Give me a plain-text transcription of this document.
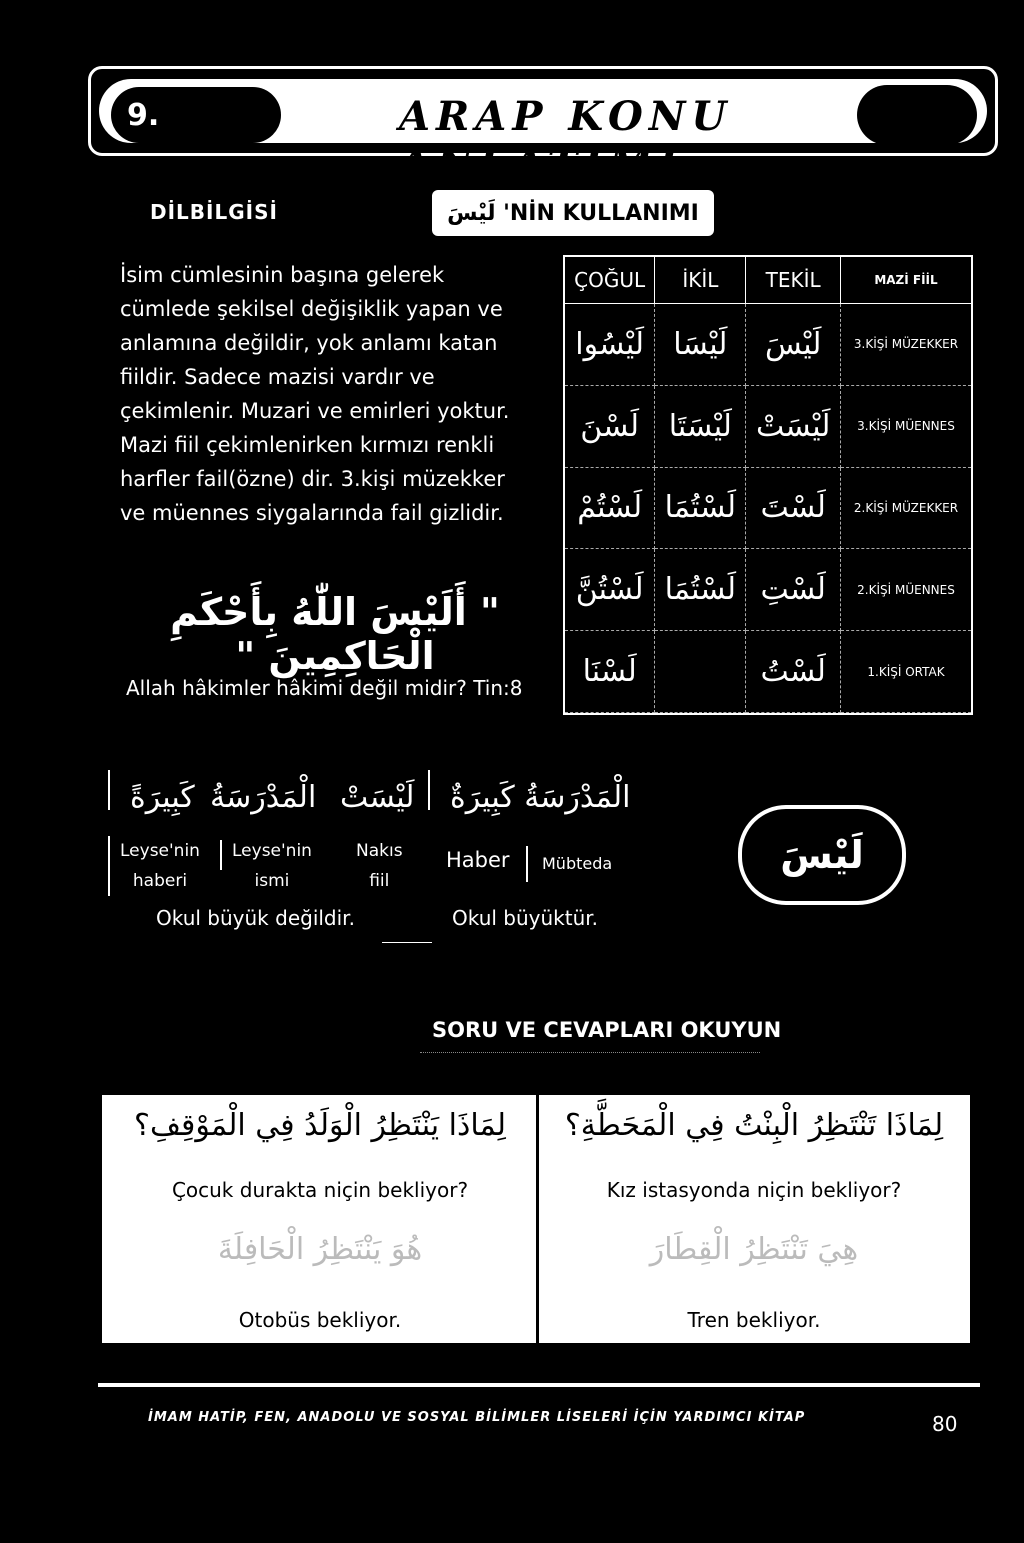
9.	ARAP KONU ANLATIMI
DİLBİLGİSİ	لَيْسَ 'NİN KULLANIMI
İsim cümlesinin başına gelerek
cümlede şekilsel değişiklik yapan ve
anlamına değildir, yok anlamı katan
fiildir. Sadece mazisi vardır ve
çekimlenir. Muzari ve emirleri yoktur.
Mazi fiil çekimlenirken kırmızı renkli
harfler fail(özne) dir. 3.kişi müzekker
ve müennes siygalarında fail gizlidir.
" أَلَيْسَ اللّٰهُ بِأَحْكَمِ الْحَاكِمِينَ "
Allah hâkimler hâkimi değil midir? Tin:8
ÇOĞUL	İKİL	TEKİL	MAZİ FİİL
لَيْسُوا	لَيْسَا	لَيْسَ	3.KİŞİ MÜZEKKER
لَسْنَ	لَيْسَتَا	لَيْسَتْ	3.KİŞİ MÜENNES
لَسْتُمْ	لَسْتُمَا	لَسْتَ	2.KİŞİ MÜZEKKER
لَسْتُنَّ	لَسْتُمَا	لَسْتِ	2.KİŞİ MÜENNES
لَسْنَا		لَسْتُ	1.KİŞİ ORTAK
كَبِيرَةً الْمَدْرَسَةُ لَيْسَتْ الْمَدْرَسَةُ كَبِيرَةٌ
Leyse'nin
haberi
Leyse'nin
ismi
Nakıs
fiil
Haber Mübteda
Okul büyük değildir.	Okul büyüktür.
لَيْسَ
SORU VE CEVAPLARI OKUYUN
لِمَاذَا يَنْتَظِرُ الْوَلَدُ فِي الْمَوْقِفِ؟
Çocuk durakta niçin bekliyor?
هُوَ يَنْتَظِرُ الْحَافِلَةَ
Otobüs bekliyor.
لِمَاذَا تَنْتَظِرُ الْبِنْتُ فِي الْمَحَطَّةِ؟
Kız istasyonda niçin bekliyor?
هِيَ تَنْتَظِرُ الْقِطَارَ
Tren bekliyor.
İMAM HATİP, FEN, ANADOLU VE SOSYAL BİLİMLER LİSELERİ İÇİN YARDIMCI KİTAP	80
